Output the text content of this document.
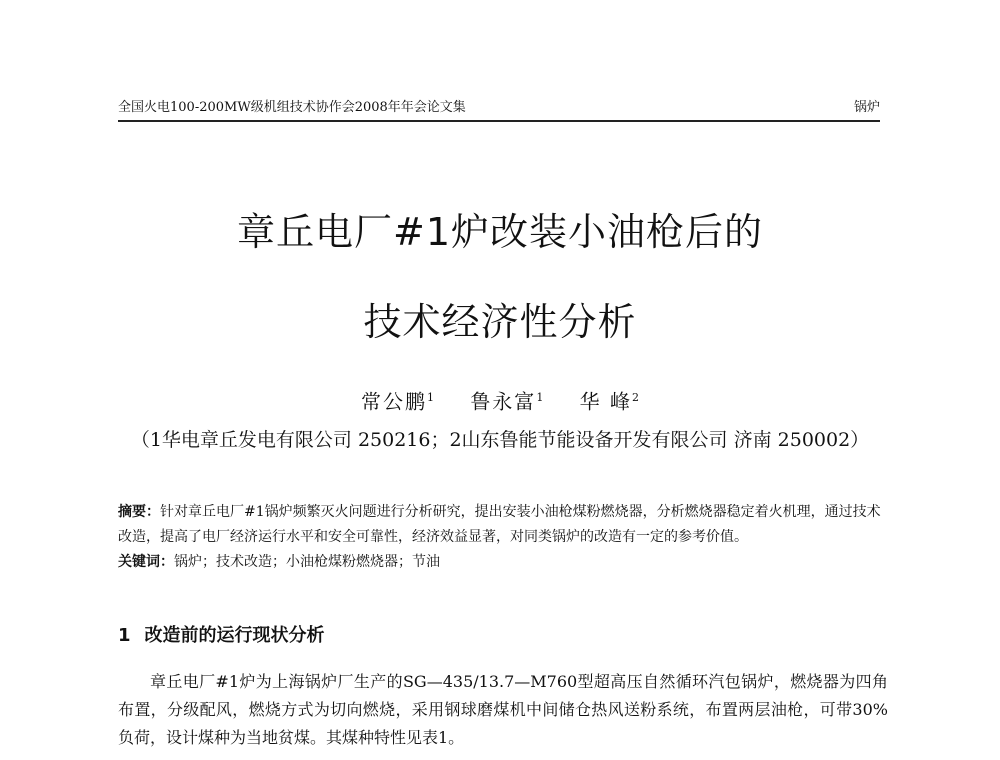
全国火电100-200MW级机组技术协作会2008年年会论文集	锅炉
章丘电厂#1炉改装小油枪后的
技术经济性分析
常公鹏$^1$ 鲁永富$^1$ 华 峰$^2$
（1华电章丘发电有限公司 250216；2山东鲁能节能设备开发有限公司 济南 250002）

摘要：针对章丘电厂#1锅炉频繁灭火问题进行分析研究，提出安装小油枪煤粉燃烧器，分析燃烧器稳定着火机理，通过技术改造，提高了电厂经济运行水平和安全可靠性，经济效益显著，对同类锅炉的改造有一定的参考价值。

关键词：锅炉；技术改造；小油枪煤粉燃烧器；节油

1 改造前的运行现状分析
章丘电厂#1炉为上海锅炉厂生产的SG—435/13.7—M760型超高压自然循环汽包锅炉，燃烧器为四角布置，分级配风，燃烧方式为切向燃烧，采用钢球磨煤机中间储仓热风送粉系统，布置两层油枪，可带30%负荷，设计煤种为当地贫煤。其煤种特性见表1。
